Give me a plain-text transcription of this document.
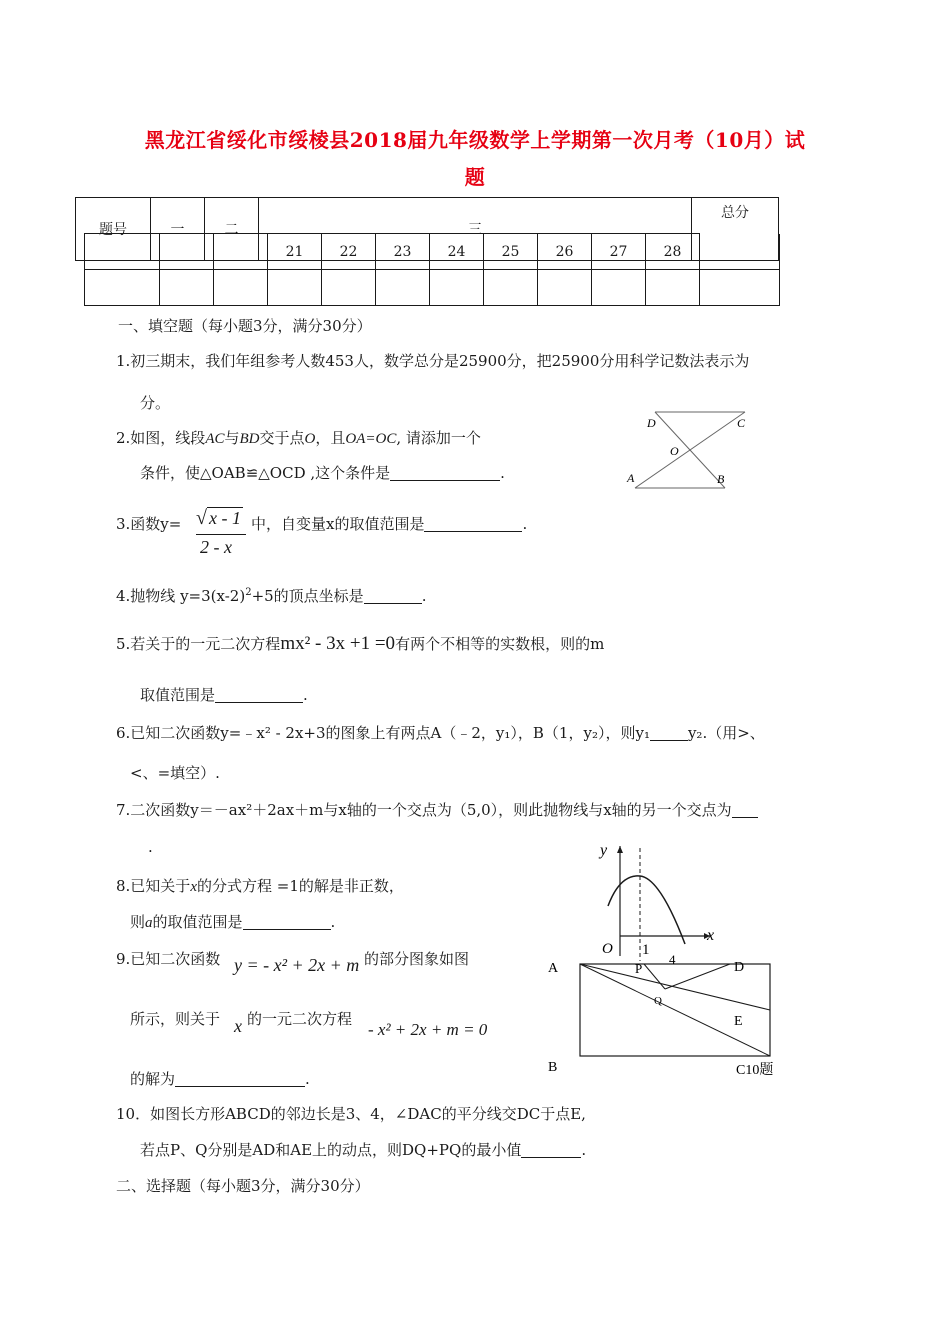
黑龙江省绥化市绥棱县2018届九年级数学上学期第一次月考（10月）试
题
题号	一	二	三	总分
			21	22	23	24	25	26	27	28	

一、填空题（每小题3分，满分30分）
1.初三期末，我们年组参考人数453人，数学总分是25900分，把25900分用科学记数法表示为
分。
2.如图，线段AC与BD交于点O，且OA=OC, 请添加一个
条件，使△OAB≌△OCD ,这个条件是	.
D	C
O
A	B
3.函数y= √ x - 1
2 - x
中，自变量x的取值范围是	.
4.抛物线 $y=3(x-2)^2+5$的顶点坐标是	.
5.若关于的一元二次方程mx² - 3x +1 =0有两个不相等的实数根，则的m
取值范围是	.
6.已知二次函数y=﹣x² - 2x+3的图象上有两点A（﹣2，y₁），B（1，y₂），则y₁	y₂.（用>、
<、=填空）.
7.二次函数y＝－ax²＋2ax＋m与x轴的一个交点为（5,0），则此抛物线与x轴的另一个交点为
.	y
x
O 1
8.已知关于x的分式方程 =1的解是非正数，
则a的取值范围是	.
9.已知二次函数 y = - x² + 2x + m 的部分图象如图
所示，则关于 x 的一元二次方程
- x² + 2x + m = 0
的解为	.
A	P
4
D
Q
E
B	C10题
10．如图长方形ABCD的邻边长是3、4，∠DAC的平分线交DC于点E,
若点P、Q分别是AD和AE上的动点，则DQ+PQ的最小值	.
二、选择题（每小题3分，满分30分）
